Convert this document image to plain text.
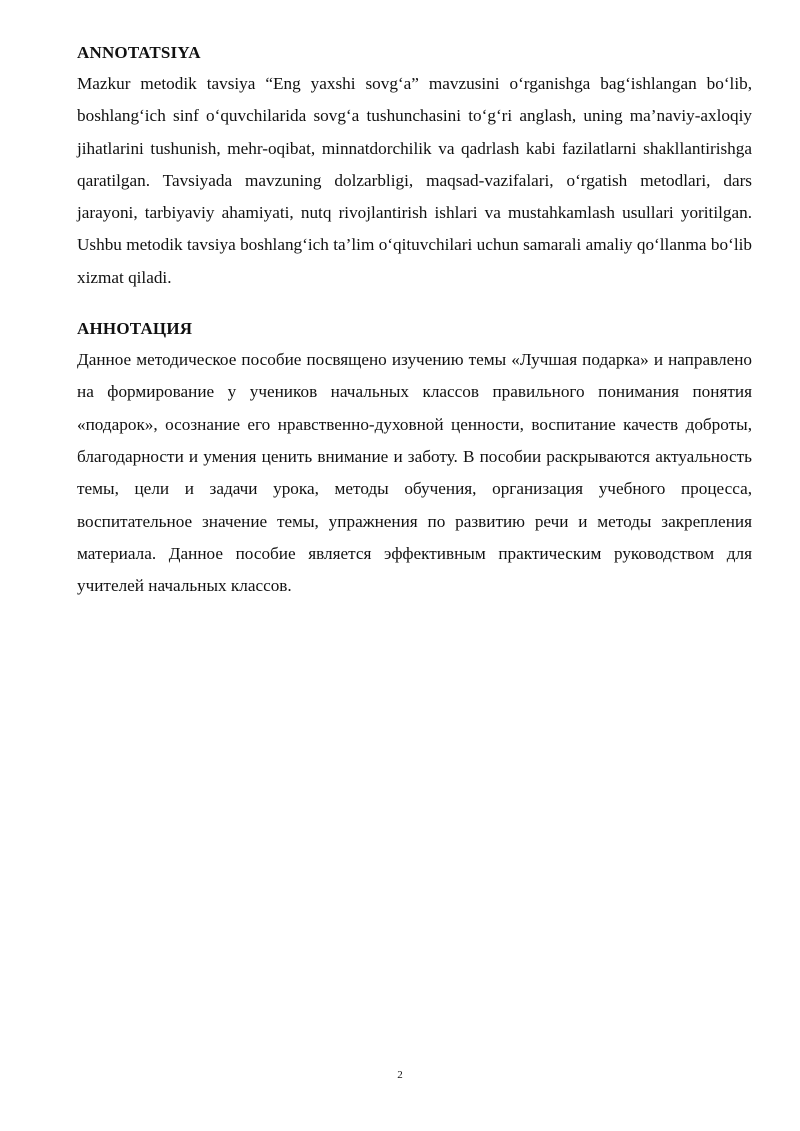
ANNOTATSIYA

Mazkur metodik tavsiya “Eng yaxshi sovg‘a” mavzusini o‘rganishga bag‘ishlangan bo‘lib, boshlang‘ich sinf o‘quvchilarida sovg‘a tushunchasini to‘g‘ri anglash, uning ma’naviy-axloqiy jihatlarini tushunish, mehr-oqibat, minnatdorchilik va qadrlash kabi fazilatlarni shakllantirishga qaratilgan. Tavsiyada mavzuning dolzarbligi, maqsad-vazifalari, o‘rgatish metodlari, dars jarayoni, tarbiyaviy ahamiyati, nutq rivojlantirish ishlari va mustahkamlash usullari yoritilgan. Ushbu metodik tavsiya boshlang‘ich ta’lim o‘qituvchilari uchun samarali amaliy qo‘llanma bo‘lib xizmat qiladi.

АННОТАЦИЯ

Данное методическое пособие посвящено изучению темы «Лучшая подарка» и направлено на формирование у учеников начальных классов правильного понимания понятия «подарок», осознание его нравственно-духовной ценности, воспитание качеств доброты, благодарности и умения ценить внимание и заботу. В пособии раскрываются актуальность темы, цели и задачи урока, методы обучения, организация учебного процесса, воспитательное значение темы, упражнения по развитию речи и методы закрепления материала. Данное пособие является эффективным практическим руководством для учителей начальных классов.

2
